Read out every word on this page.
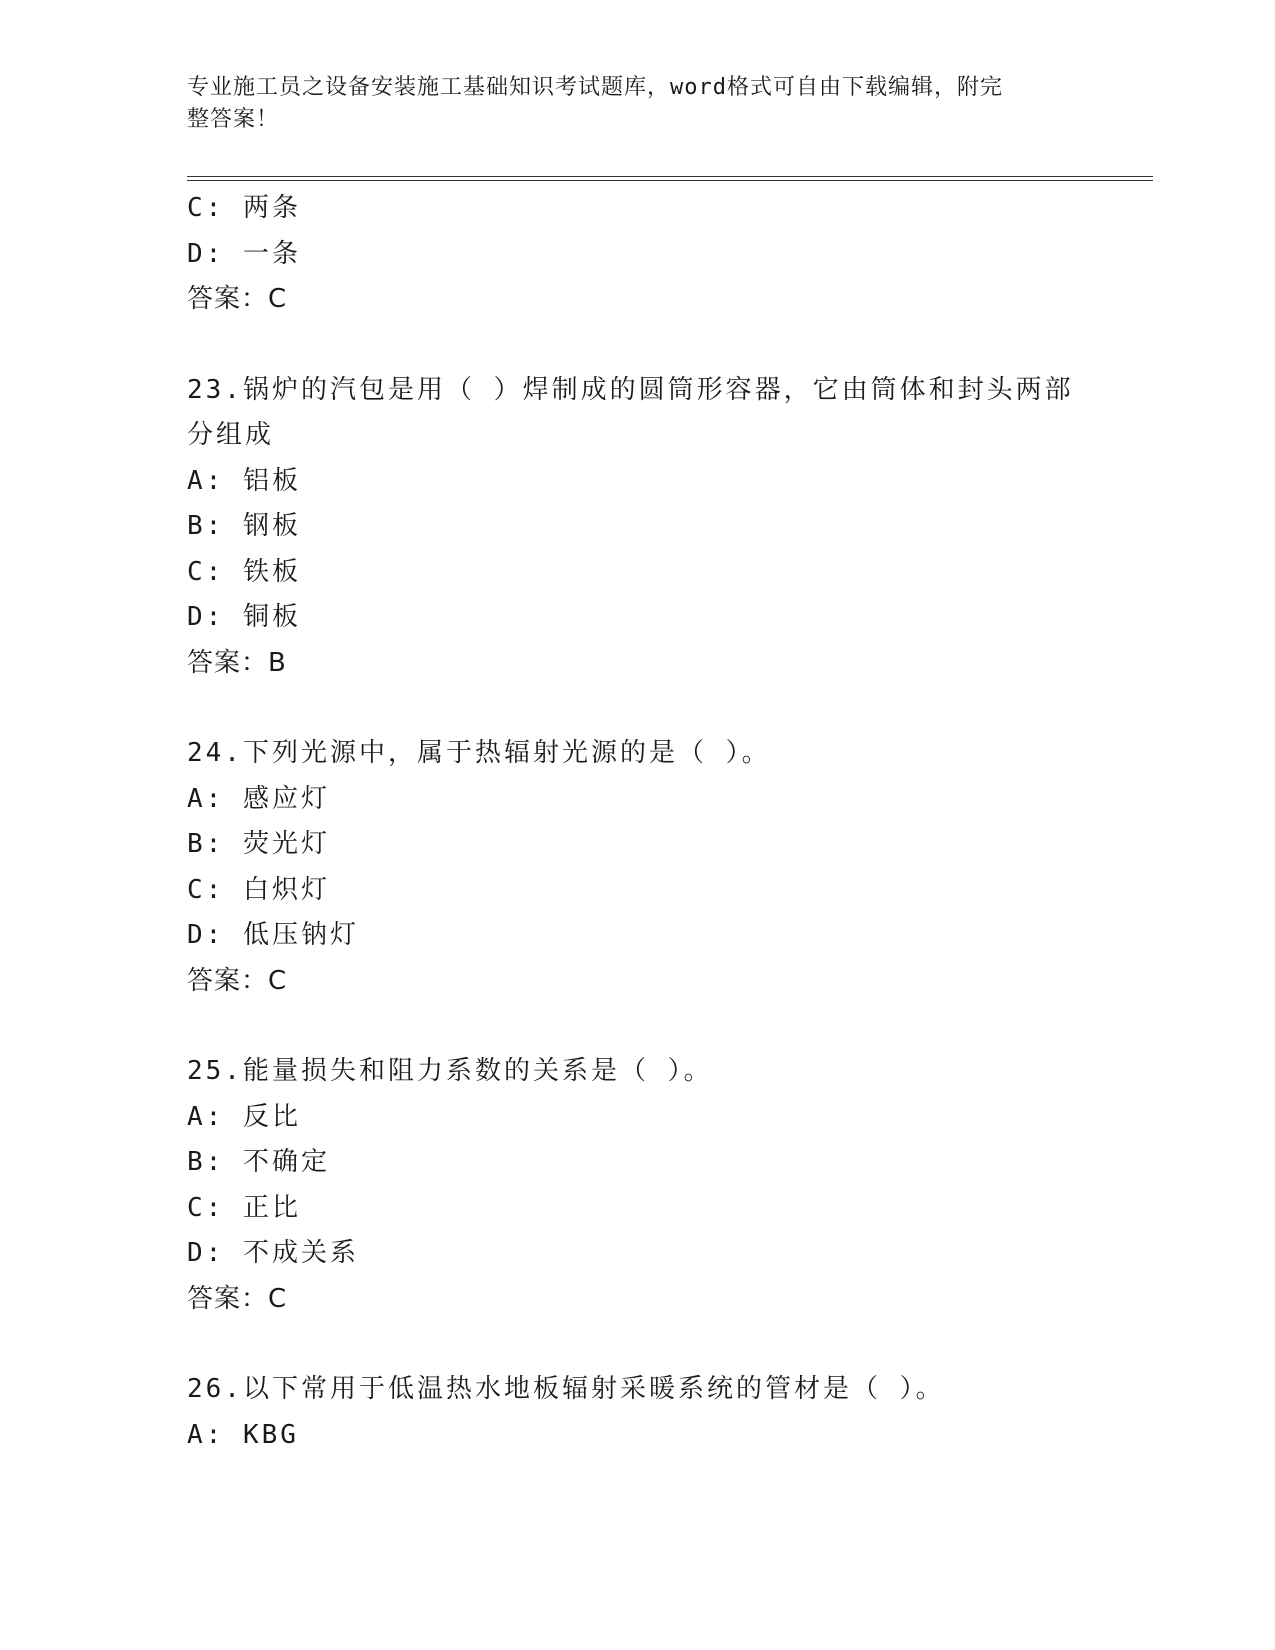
专业施工员之设备安装施工基础知识考试题库，word格式可自由下载编辑，附完
整答案！
C: 两条
D: 一条
答案：C
23.锅炉的汽包是用（ ）焊制成的圆筒形容器，它由筒体和封头两部
分组成
A: 铝板
B: 钢板
C: 铁板
D: 铜板
答案：B
24.下列光源中，属于热辐射光源的是（ ）。
A: 感应灯
B: 荧光灯
C: 白炽灯
D: 低压钠灯
答案：C
25.能量损失和阻力系数的关系是（ ）。
A: 反比
B: 不确定
C: 正比
D: 不成关系
答案：C
26.以下常用于低温热水地板辐射采暖系统的管材是（ ）。
A: KBG
